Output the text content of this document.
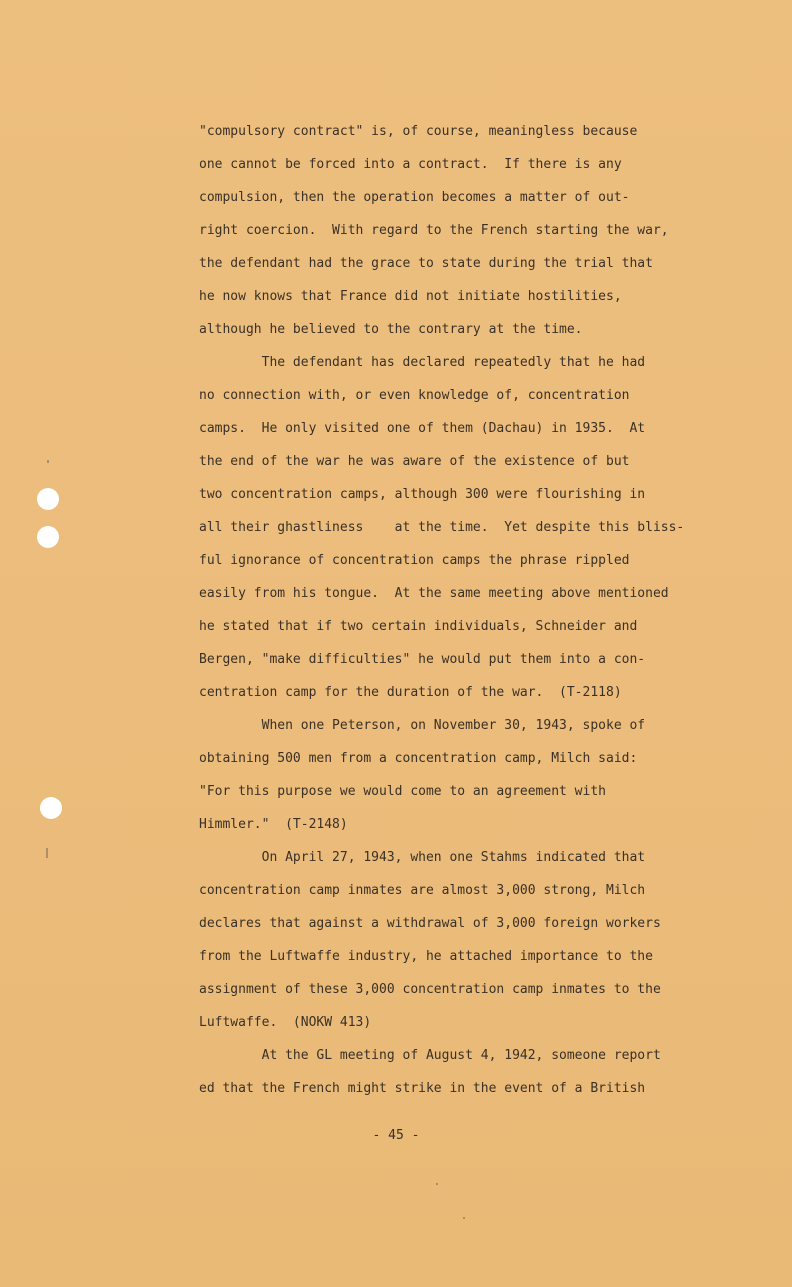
"compulsory contract" is, of course, meaningless because
one cannot be forced into a contract.  If there is any
compulsion, then the operation becomes a matter of out-
right coercion.  With regard to the French starting the war,
the defendant had the grace to state during the trial that
he now knows that France did not initiate hostilities,
although he believed to the contrary at the time.
The defendant has declared repeatedly that he had
no connection with, or even knowledge of, concentration
camps.  He only visited one of them (Dachau) in 1935.  At
the end of the war he was aware of the existence of but
two concentration camps, although 300 were flourishing in
all their ghastliness    at the time.  Yet despite this bliss-
ful ignorance of concentration camps the phrase rippled
easily from his tongue.  At the same meeting above mentioned
he stated that if two certain individuals, Schneider and
Bergen, "make difficulties" he would put them into a con-
centration camp for the duration of the war.  (T-2118)
When one Peterson, on November 30, 1943, spoke of
obtaining 500 men from a concentration camp, Milch said:
"For this purpose we would come to an agreement with
Himmler."  (T-2148)
On April 27, 1943, when one Stahms indicated that
concentration camp inmates are almost 3,000 strong, Milch
declares that against a withdrawal of 3,000 foreign workers
from the Luftwaffe industry, he attached importance to the
assignment of these 3,000 concentration camp inmates to the
Luftwaffe.  (NOKW 413)
At the GL meeting of August 4, 1942, someone report
ed that the French might strike in the event of a British
- 45 -
